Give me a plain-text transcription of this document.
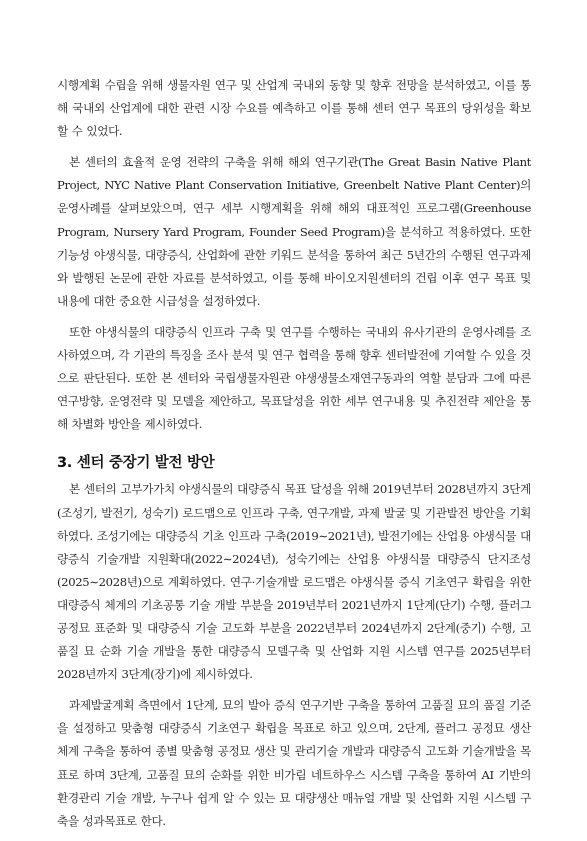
시행계획 수립을 위해 생물자원 연구 및 산업계 국내외 동향 및 향후 전망을 분석하였고, 이를 통해 국내외 산업계에 대한 관련 시장 수요를 예측하고 이를 통해 센터 연구 목표의 당위성을 확보할 수 있었다.

본 센터의 효율적 운영 전략의 구축을 위해 해외 연구기관(The Great Basin Native Plant Project, NYC Native Plant Conservation Initiative, Greenbelt Native Plant Center)의 운영사례를 살펴보았으며, 연구 세부 시행계획을 위해 해외 대표적인 프로그램(Greenhouse Program, Nursery Yard Program, Founder Seed Program)을 분석하고 적용하였다. 또한 기능성 야생식물, 대량증식, 산업화에 관한 키워드 분석을 통하여 최근 5년간의 수행된 연구과제와 발행된 논문에 관한 자료를 분석하였고, 이를 통해 바이오지원센터의 건립 이후 연구 목표 및 내용에 대한 중요한 시급성을 설정하였다.

또한 야생식물의 대량증식 인프라 구축 및 연구를 수행하는 국내외 유사기관의 운영사례를 조사하였으며, 각 기관의 특징을 조사 분석 및 연구 협력을 통해 향후 센터발전에 기여할 수 있을 것으로 판단된다. 또한 본 센터와 국립생물자원관 야생생물소재연구동과의 역할 분담과 그에 따른 연구방향, 운영전략 및 모델을 제안하고, 목표달성을 위한 세부 연구내용 및 추진전략 제안을 통해 차별화 방안을 제시하였다.

3. 센터 중장기 발전 방안

본 센터의 고부가가치 야생식물의 대량증식 목표 달성을 위해 2019년부터 2028년까지 3단계(조성기, 발전기, 성숙기) 로드맵으로 인프라 구축, 연구개발, 과제 발굴 및 기관발전 방안을 기획하였다. 조성기에는 대량증식 기초 인프라 구축(2019∼2021년), 발전기에는 산업용 야생식물 대량증식 기술개발 지원확대(2022∼2024년), 성숙기에는 산업용 야생식물 대량증식 단지조성(2025∼2028년)으로 계획하였다. 연구·기술개발 로드맵은 야생식물 증식 기초연구 확립을 위한 대량증식 체계의 기초공통 기술 개발 부분을 2019년부터 2021년까지 1단계(단기) 수행, 플러그 공정묘 표준화 및 대량증식 기술 고도화 부분을 2022년부터 2024년까지 2단계(중기) 수행, 고품질 묘 순화 기술 개발을 통한 대량증식 모델구축 및 산업화 지원 시스템 연구를 2025년부터 2028년까지 3단계(장기)에 제시하였다.

과제발굴계획 측면에서 1단계, 묘의 발아 증식 연구기반 구축을 통하여 고품질 묘의 품질 기준을 설정하고 맞춤형 대량증식 기초연구 확립을 목표로 하고 있으며, 2단계, 플러그 공정묘 생산 체계 구축을 통하여 종별 맞춤형 공정묘 생산 및 관리기술 개발과 대량증식 고도화 기술개발을 목표로 하며 3단계, 고품질 묘의 순화를 위한 비가림 네트하우스 시스템 구축을 통하여 AI 기반의 환경관리 기술 개발, 누구나 쉽게 알 수 있는 묘 대량생산 매뉴얼 개발 및 산업화 지원 시스템 구축을 성과목표로 한다.
